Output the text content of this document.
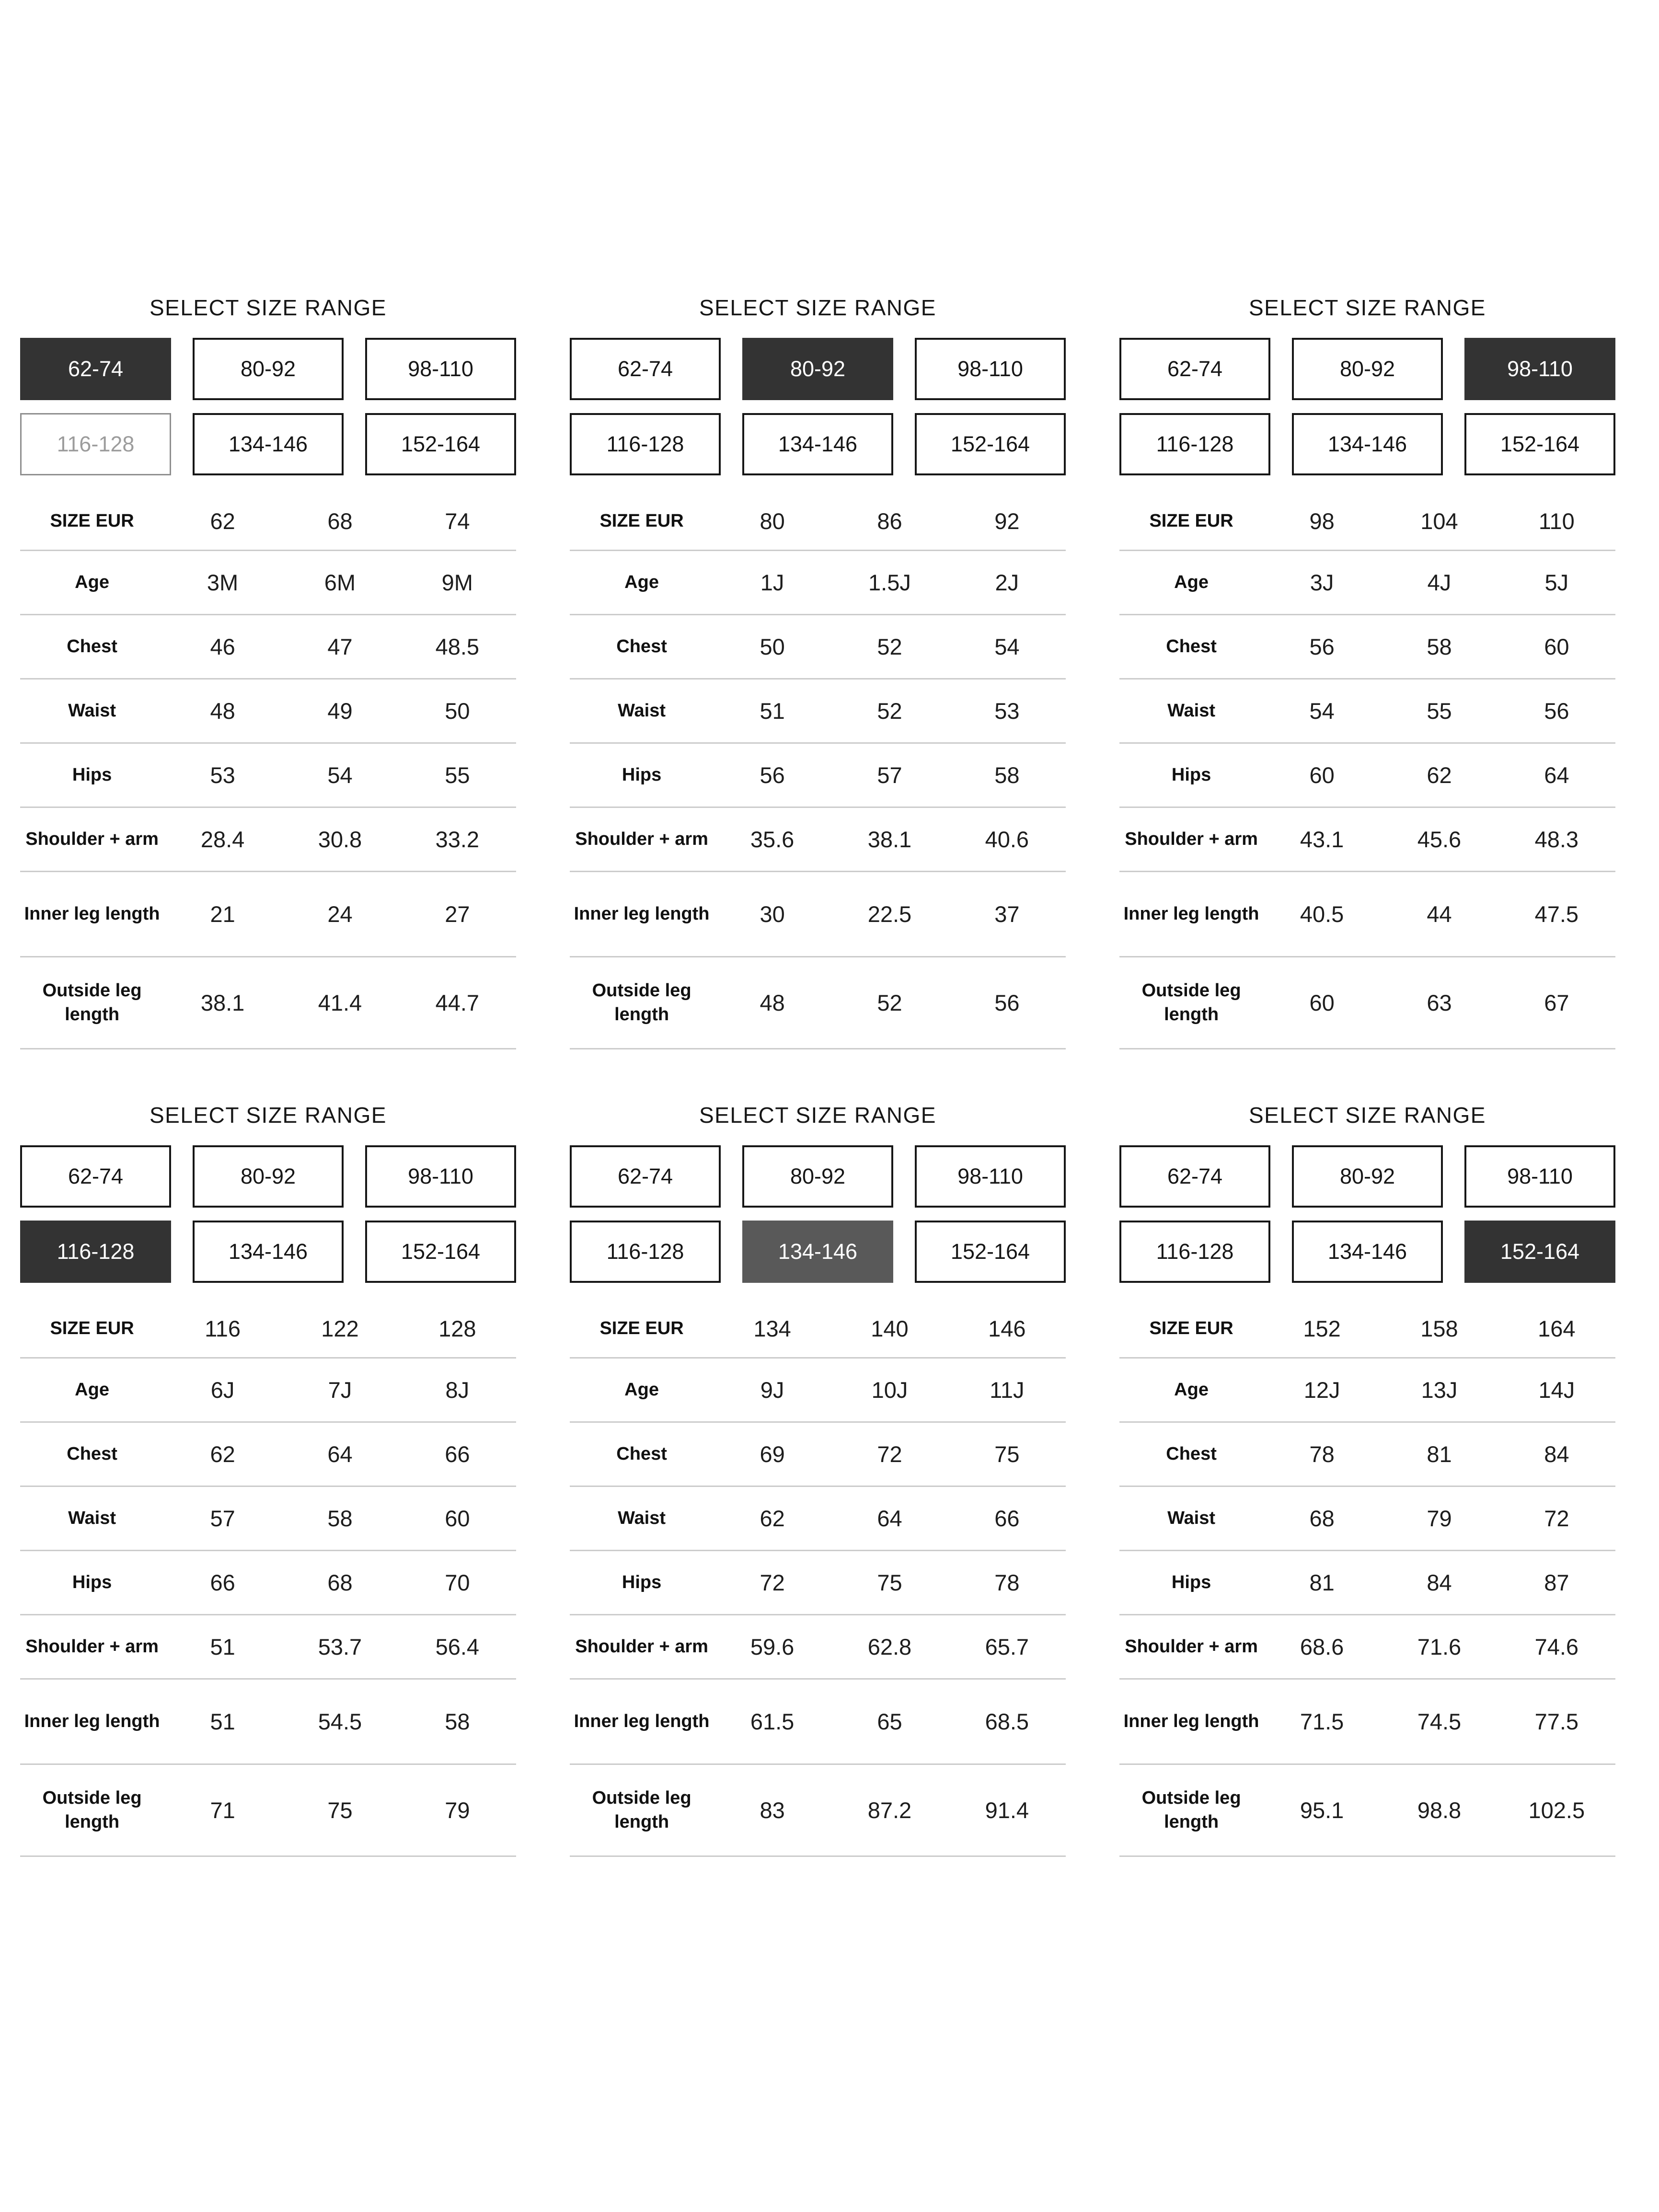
SELECT SIZE RANGE
62-74	80-92	98-110
116-128	134-146	152-164
SIZE EUR	62	68	74
Age	3M	6M	9M
Chest	46	47	48.5
Waist	48	49	50
Hips	53	54	55
Shoulder + arm	28.4	30.8	33.2
Inner leg length	21	24	27
Outside leg length	38.1	41.4	44.7
SELECT SIZE RANGE
62-74	80-92	98-110
116-128	134-146	152-164
SIZE EUR	80	86	92
Age	1J	1.5J	2J
Chest	50	52	54
Waist	51	52	53
Hips	56	57	58
Shoulder + arm	35.6	38.1	40.6
Inner leg length	30	22.5	37
Outside leg length	48	52	56
SELECT SIZE RANGE
62-74	80-92	98-110
116-128	134-146	152-164
SIZE EUR	98	104	110
Age	3J	4J	5J
Chest	56	58	60
Waist	54	55	56
Hips	60	62	64
Shoulder + arm	43.1	45.6	48.3
Inner leg length	40.5	44	47.5
Outside leg length	60	63	67
SELECT SIZE RANGE
62-74	80-92	98-110
116-128	134-146	152-164
SIZE EUR	116	122	128
Age	6J	7J	8J
Chest	62	64	66
Waist	57	58	60
Hips	66	68	70
Shoulder + arm	51	53.7	56.4
Inner leg length	51	54.5	58
Outside leg length	71	75	79
SELECT SIZE RANGE
62-74	80-92	98-110
116-128	134-146	152-164
SIZE EUR	134	140	146
Age	9J	10J	11J
Chest	69	72	75
Waist	62	64	66
Hips	72	75	78
Shoulder + arm	59.6	62.8	65.7
Inner leg length	61.5	65	68.5
Outside leg length	83	87.2	91.4
SELECT SIZE RANGE
62-74	80-92	98-110
116-128	134-146	152-164
SIZE EUR	152	158	164
Age	12J	13J	14J
Chest	78	81	84
Waist	68	79	72
Hips	81	84	87
Shoulder + arm	68.6	71.6	74.6
Inner leg length	71.5	74.5	77.5
Outside leg length	95.1	98.8	102.5
